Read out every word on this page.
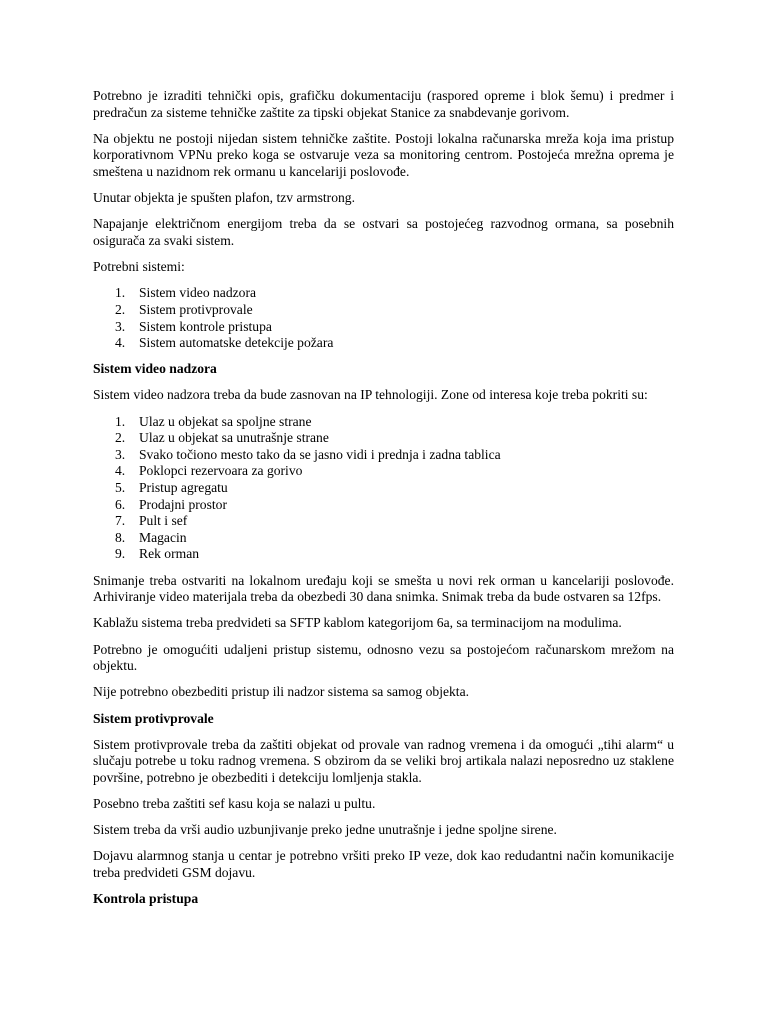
Potrebno je izraditi tehnički opis, grafičku dokumentaciju (raspored opreme i blok šemu) i predmer i predračun za sisteme tehničke zaštite za tipski objekat Stanice za snabdevanje gorivom.

Na objektu ne postoji nijedan sistem tehničke zaštite. Postoji lokalna računarska mreža koja ima pristup korporativnom VPNu preko koga se ostvaruje veza sa monitoring centrom. Postojeća mrežna oprema je smeštena u nazidnom rek ormanu u kancelariji poslovođe.

Unutar objekta je spušten plafon, tzv armstrong.

Napajanje električnom energijom treba da se ostvari sa postojećeg razvodnog ormana, sa posebnih osigurača za svaki sistem.

Potrebni sistemi:

1. Sistem video nadzora
2. Sistem protivprovale
3. Sistem kontrole pristupa
4. Sistem automatske detekcije požara
Sistem video nadzora

Sistem video nadzora treba da bude zasnovan na IP tehnologiji. Zone od interesa koje treba pokriti su:

1. Ulaz u objekat sa spoljne strane
2. Ulaz u objekat sa unutrašnje strane
3. Svako točiono mesto tako da se jasno vidi i prednja i zadna tablica
4. Poklopci rezervoara za gorivo
5. Pristup agregatu
6. Prodajni prostor
7. Pult i sef
8. Magacin
9. Rek orman

Snimanje treba ostvariti na lokalnom uređaju koji se smešta u novi rek orman u kancelariji poslovođe. Arhiviranje video materijala treba da obezbedi 30 dana snimka. Snimak treba da bude ostvaren sa 12fps.

Kablažu sistema treba predvideti sa SFTP kablom kategorijom 6a, sa terminacijom na modulima.

Potrebno je omogućiti udaljeni pristup sistemu, odnosno vezu sa postojećom računarskom mrežom na objektu.

Nije potrebno obezbediti pristup ili nadzor sistema sa samog objekta.

Sistem protivprovale

Sistem protivprovale treba da zaštiti objekat od provale van radnog vremena i da omogući „tihi alarm“ u slučaju potrebe u toku radnog vremena. S obzirom da se veliki broj artikala nalazi neposredno uz staklene površine, potrebno je obezbediti i detekciju lomljenja stakla.

Posebno treba zaštiti sef kasu koja se nalazi u pultu.

Sistem treba da vrši audio uzbunjivanje preko jedne unutrašnje i jedne spoljne sirene.

Dojavu alarmnog stanja u centar je potrebno vršiti preko IP veze, dok kao redudantni način komunikacije treba predvideti GSM dojavu.

Kontrola pristupa
